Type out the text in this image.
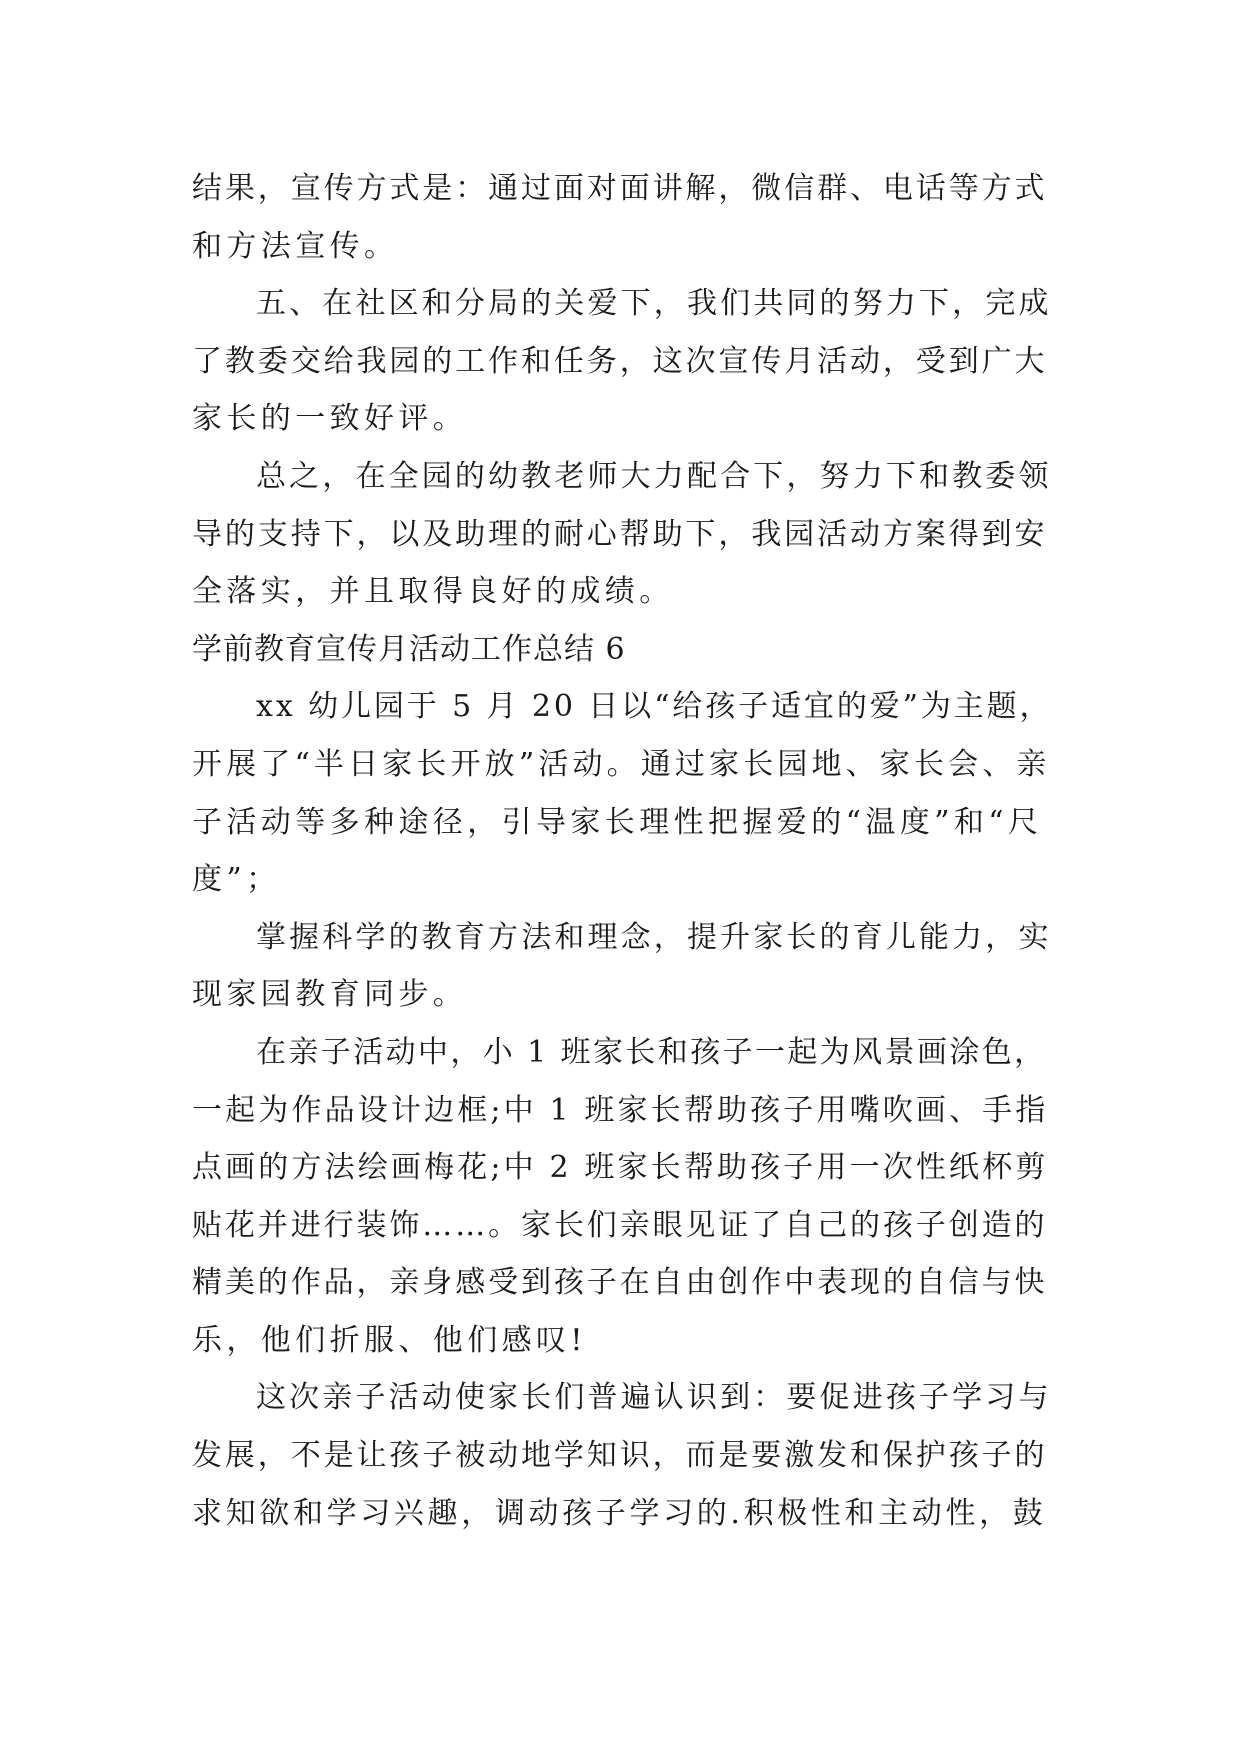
结果，宣传方式是：通过面对面讲解，微信群、电话等方式
和方法宣传。
五、在社区和分局的关爱下，我们共同的努力下，完成
了教委交给我园的工作和任务，这次宣传月活动，受到广大
家长的一致好评。
总之，在全园的幼教老师大力配合下，努力下和教委领
导的支持下，以及助理的耐心帮助下，我园活动方案得到安
全落实，并且取得良好的成绩。
学前教育宣传月活动工作总结 6
xx 幼儿园于 5 月 20 日以“给孩子适宜的爱”为主题，
开展了“半日家长开放”活动。通过家长园地、家长会、亲
子活动等多种途径，引导家长理性把握爱的“温度”和“尺
度”；
掌握科学的教育方法和理念，提升家长的育儿能力，实
现家园教育同步。
在亲子活动中，小 1 班家长和孩子一起为风景画涂色，
一起为作品设计边框;中 1 班家长帮助孩子用嘴吹画、手指
点画的方法绘画梅花;中 2 班家长帮助孩子用一次性纸杯剪
贴花并进行装饰……。家长们亲眼见证了自己的孩子创造的
精美的作品，亲身感受到孩子在自由创作中表现的自信与快
乐，他们折服、他们感叹!
这次亲子活动使家长们普遍认识到：要促进孩子学习与
发展，不是让孩子被动地学知识，而是要激发和保护孩子的
求知欲和学习兴趣，调动孩子学习的.积极性和主动性，鼓
